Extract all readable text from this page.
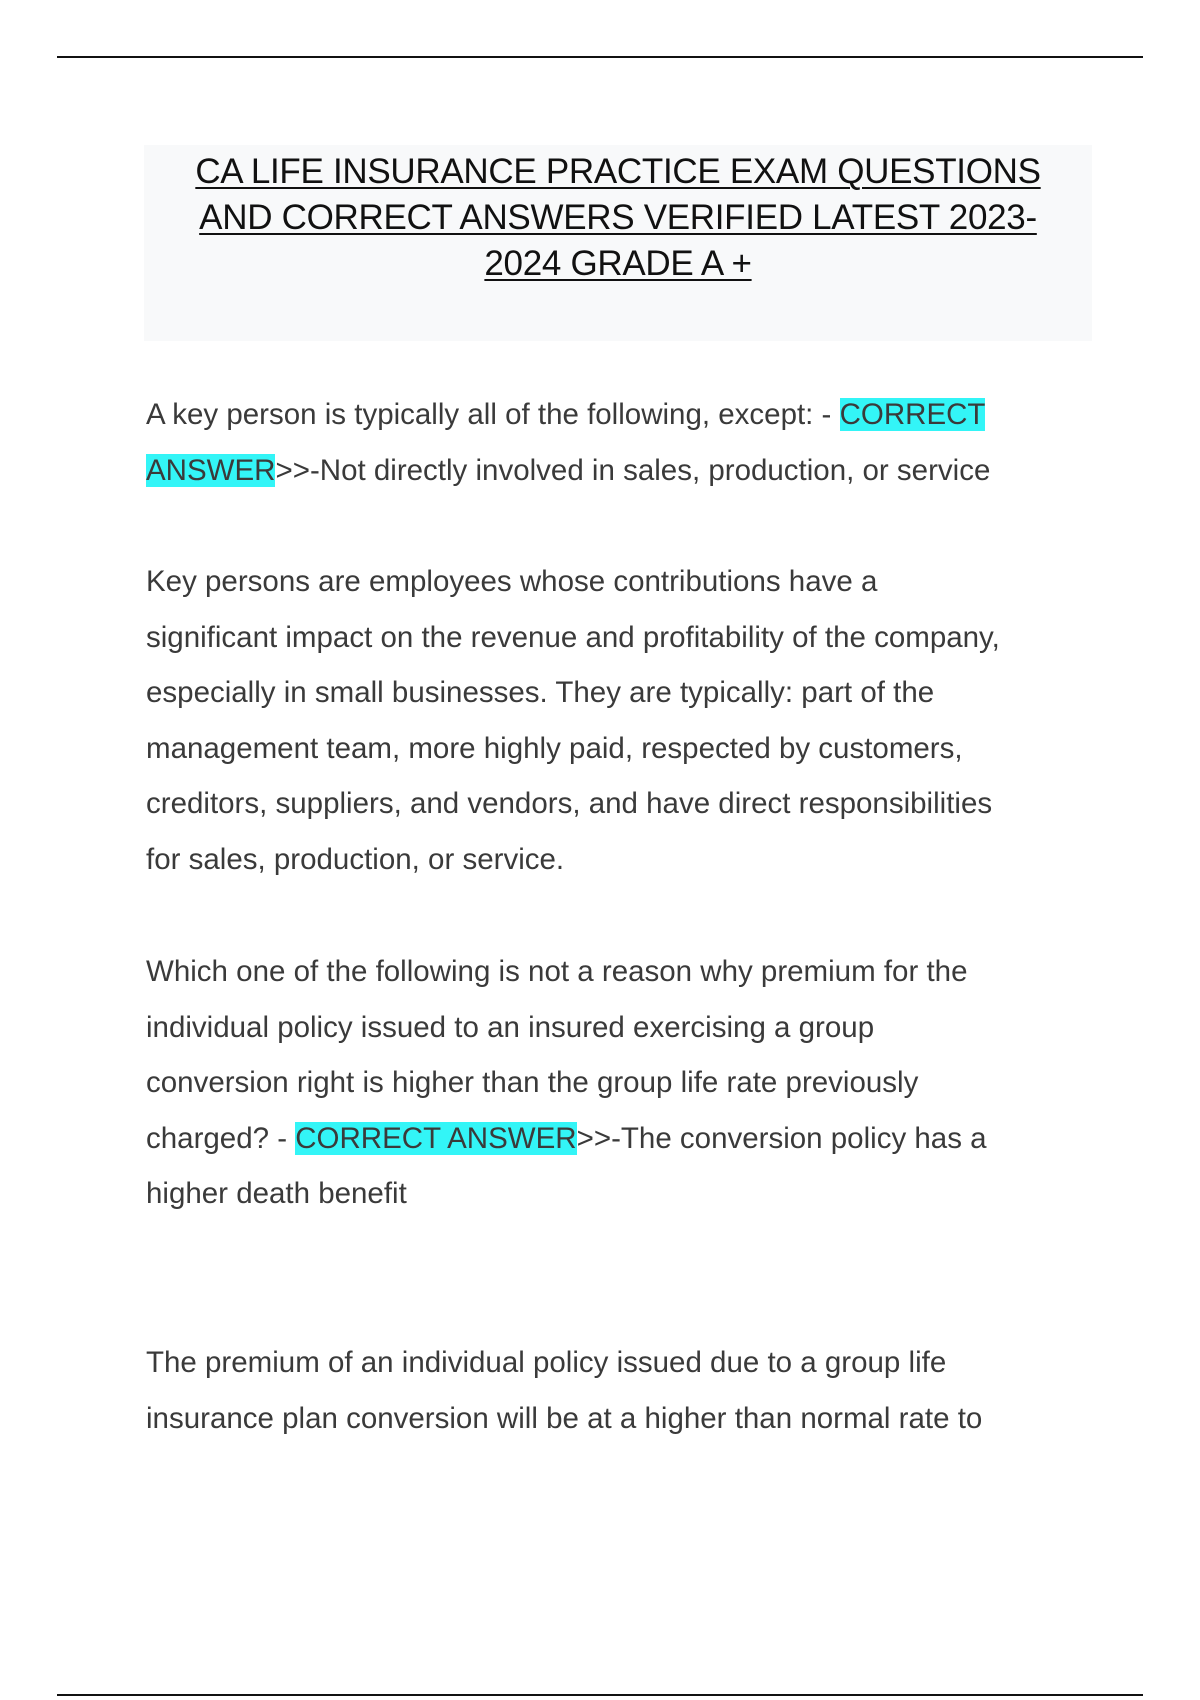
CA LIFE INSURANCE PRACTICE EXAM QUESTIONS
AND CORRECT ANSWERS VERIFIED LATEST 2023-
2024 GRADE A +
A key person is typically all of the following, except: - CORRECT
ANSWER>>-Not directly involved in sales, production, or service
Key persons are employees whose contributions have a
significant impact on the revenue and profitability of the company,
especially in small businesses. They are typically: part of the
management team, more highly paid, respected by customers,
creditors, suppliers, and vendors, and have direct responsibilities
for sales, production, or service.
Which one of the following is not a reason why premium for the
individual policy issued to an insured exercising a group
conversion right is higher than the group life rate previously
charged? - CORRECT ANSWER>>-The conversion policy has a
higher death benefit
The premium of an individual policy issued due to a group life
insurance plan conversion will be at a higher than normal rate to
